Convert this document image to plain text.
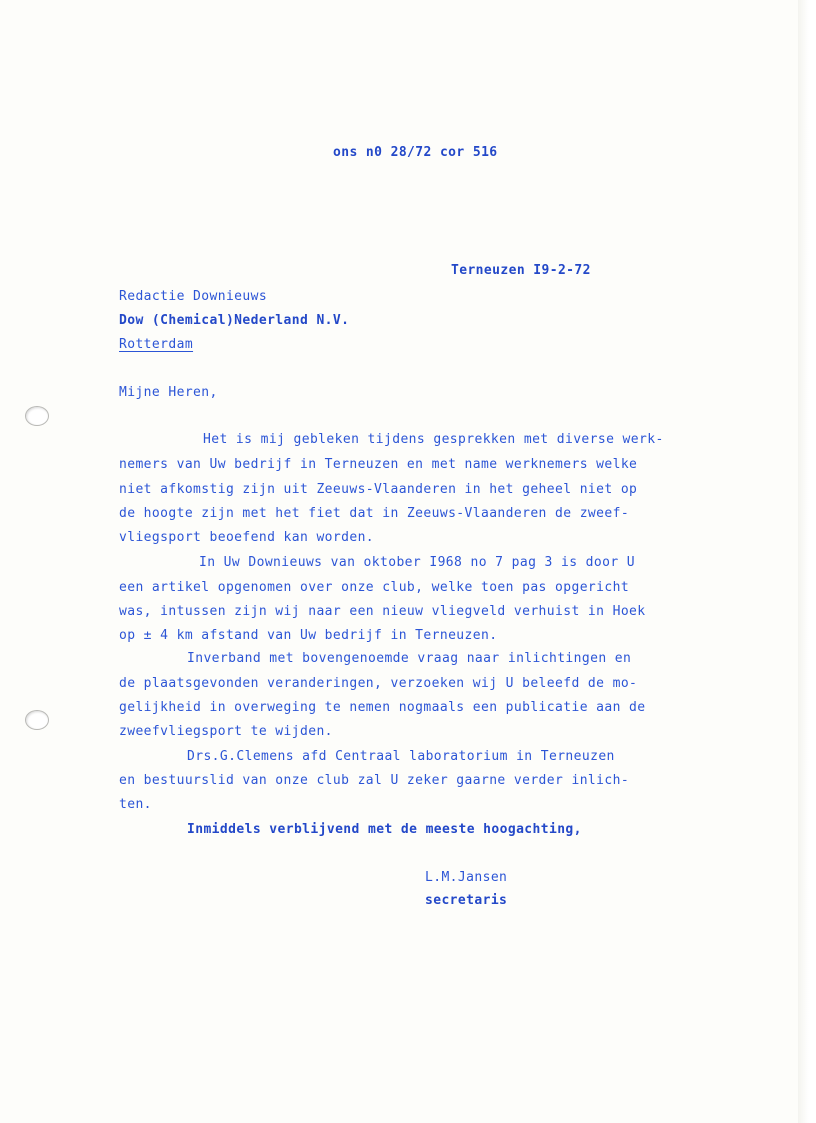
ons n0 28/72 cor 516
Terneuzen I9-2-72
Redactie Downieuws
Dow (Chemical)Nederland N.V.
Rotterdam
Mijne Heren,
Het is mij gebleken tijdens gesprekken met diverse werk-
nemers van Uw bedrijf in Terneuzen en met name werknemers welke
niet afkomstig zijn uit Zeeuws-Vlaanderen in het geheel niet op
de hoogte zijn met het fiet dat in Zeeuws-Vlaanderen de zweef-
vliegsport beoefend kan worden.
In Uw Downieuws van oktober I968 no 7 pag 3 is door U
een artikel opgenomen over onze club, welke toen pas opgericht
was, intussen zijn wij naar een nieuw vliegveld verhuist in Hoek
op ± 4 km afstand van Uw bedrijf in Terneuzen.
Inverband met bovengenoemde vraag naar inlichtingen en
de plaatsgevonden veranderingen, verzoeken wij U beleefd de mo-
gelijkheid in overweging te nemen nogmaals een publicatie aan de
zweefvliegsport te wijden.
Drs.G.Clemens afd Centraal laboratorium in Terneuzen
en bestuurslid van onze club zal U zeker gaarne verder inlich-
ten.
Inmiddels verblijvend met de meeste hoogachting,
L.M.Jansen
secretaris
